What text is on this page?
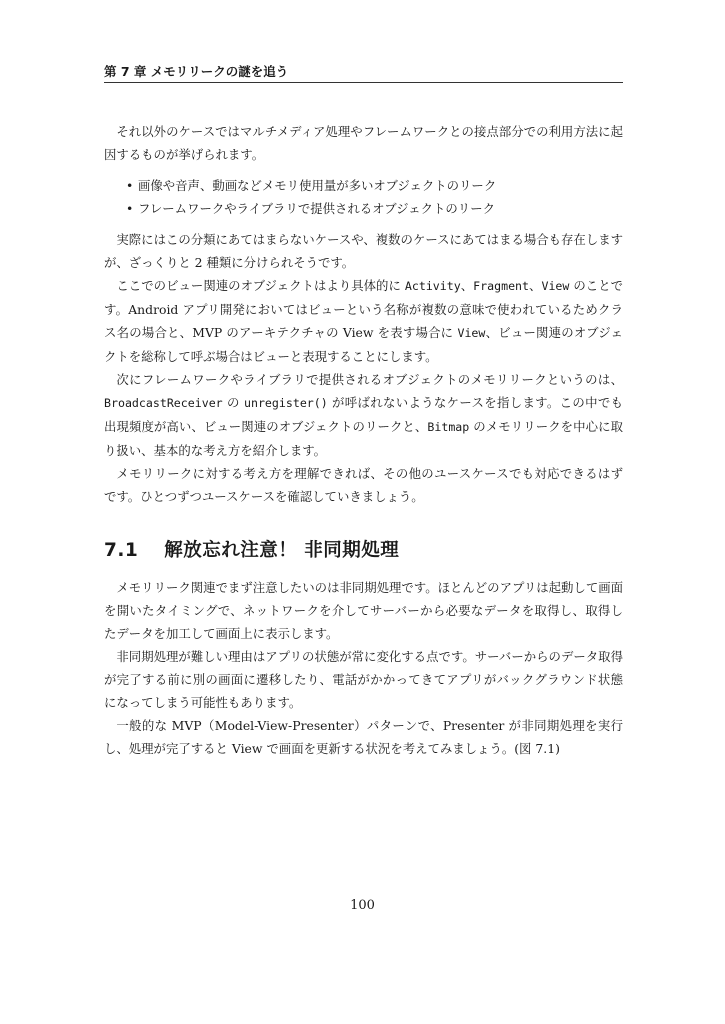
第 7 章 メモリリークの謎を追う

それ以外のケースではマルチメディア処理やフレームワークとの接点部分での利用方法に起因するものが挙げられます。

• 画像や音声、動画などメモリ使用量が多いオブジェクトのリーク
• フレームワークやライブラリで提供されるオブジェクトのリーク

実際にはこの分類にあてはまらないケースや、複数のケースにあてはまる場合も存在しますが、ざっくりと 2 種類に分けられそうです。

ここでのビュー関連のオブジェクトはより具体的に Activity、Fragment、View のことです。Android アプリ開発においてはビューという名称が複数の意味で使われているためクラス名の場合と、MVP のアーキテクチャの View を表す場合に View、ビュー関連のオブジェクトを総称して呼ぶ場合はビューと表現することにします。

次にフレームワークやライブラリで提供されるオブジェクトのメモリリークというのは、BroadcastReceiver の unregister() が呼ばれないようなケースを指します。この中でも出現頻度が高い、ビュー関連のオブジェクトのリークと、Bitmap のメモリリークを中心に取り扱い、基本的な考え方を紹介します。

メモリリークに対する考え方を理解できれば、その他のユースケースでも対応できるはずです。ひとつずつユースケースを確認していきましょう。

7.1 解放忘れ注意！ 非同期処理

メモリリーク関連でまず注意したいのは非同期処理です。ほとんどのアプリは起動して画面を開いたタイミングで、ネットワークを介してサーバーから必要なデータを取得し、取得したデータを加工して画面上に表示します。

非同期処理が難しい理由はアプリの状態が常に変化する点です。サーバーからのデータ取得が完了する前に別の画面に遷移したり、電話がかかってきてアプリがバックグラウンド状態になってしまう可能性もあります。

一般的な MVP（Model-View-Presenter）パターンで、Presenter が非同期処理を実行し、処理が完了すると View で画面を更新する状況を考えてみましょう。(図 7.1)

100
